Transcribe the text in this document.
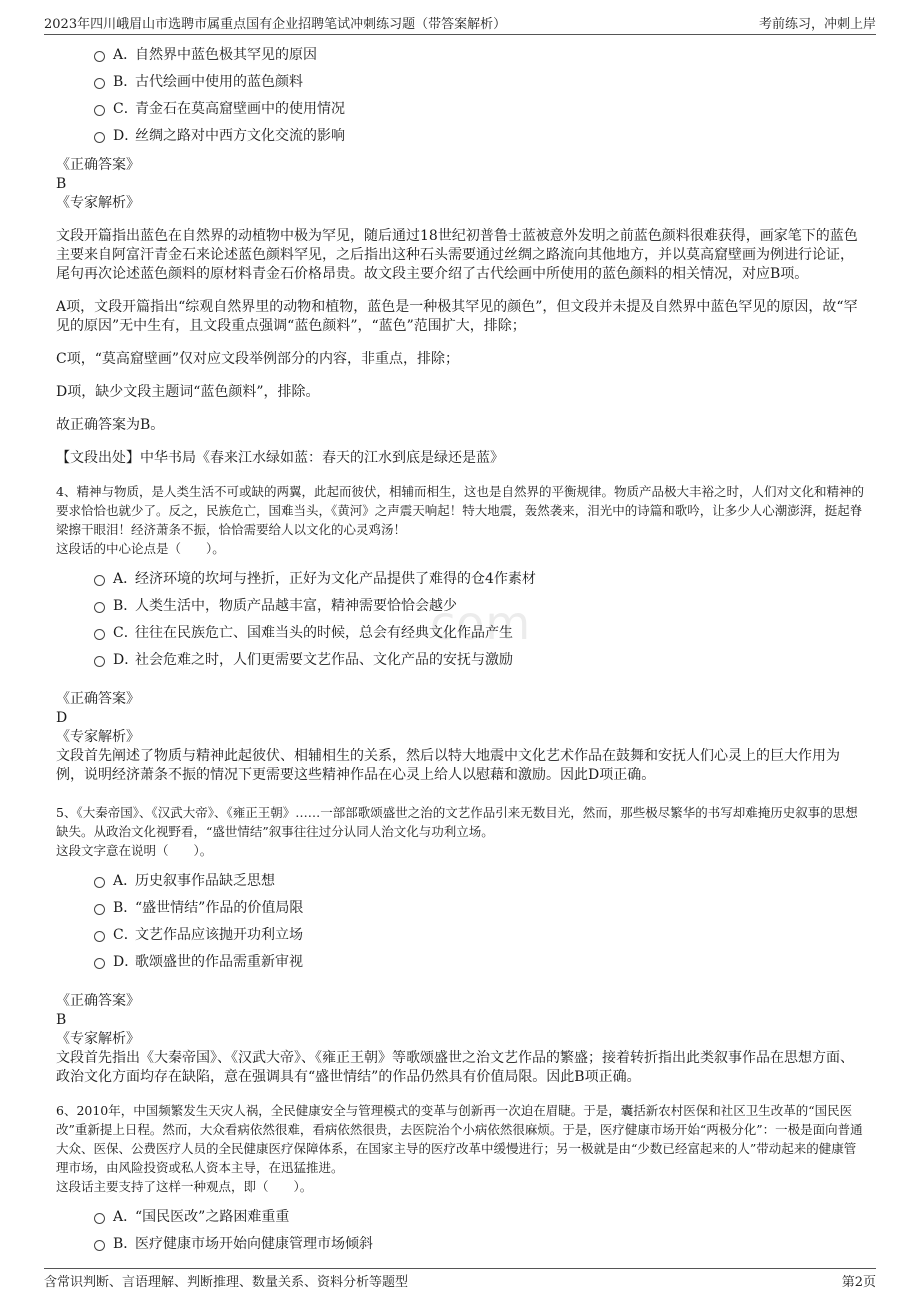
2023年四川峨眉山市选聘市属重点国有企业招聘笔试冲刺练习题（带答案解析）	考前练习，冲刺上岸
com
A．
自然界中蓝色极其罕见的原因
B．
古代绘画中使用的蓝色颜料
C．
青金石在莫高窟壁画中的使用情况
D．
丝绸之路对中西方文化交流的影响
《正确答案》
B
《专家解析》

文段开篇指出蓝色在自然界的动植物中极为罕见，随后通过18世纪初普鲁士蓝被意外发明之前蓝色颜料很难获得，画家笔下的蓝色主要来自阿富汗青金石来论述蓝色颜料罕见，之后指出这种石头需要通过丝绸之路流向其他地方，并以莫高窟壁画为例进行论证，尾句再次论述蓝色颜料的原材料青金石价格昂贵。故文段主要介绍了古代绘画中所使用的蓝色颜料的相关情况，对应B项。

A项，文段开篇指出“综观自然界里的动物和植物，蓝色是一种极其罕见的颜色”，但文段并未提及自然界中蓝色罕见的原因，故“罕见的原因”无中生有，且文段重点强调“蓝色颜料”，“蓝色”范围扩大，排除；

C项，“莫高窟壁画”仅对应文段举例部分的内容，非重点，排除；

D项，缺少文段主题词“蓝色颜料”，排除。

故正确答案为B。

【文段出处】中华书局《春来江水绿如蓝：春天的江水到底是绿还是蓝》

4、精神与物质，是人类生活不可或缺的两翼，此起而彼伏，相辅而相生，这也是自然界的平衡规律。物质产品极大丰裕之时，人们对文化和精神的要求恰恰也就少了。反之，民族危亡，国难当头，《黄河》之声震天响起！特大地震，轰然袭来，泪光中的诗篇和歌吟，让多少人心潮澎湃，挺起脊梁擦干眼泪！经济萧条不振，恰恰需要给人以文化的心灵鸡汤！

这段话的中心论点是（　　）。

A．
经济环境的坎坷与挫折，正好为文化产品提供了难得的仓4作素材
B．
人类生活中，物质产品越丰富，精神需要恰恰会越少
C．
往往在民族危亡、国难当头的时候，总会有经典文化作品产生
D．
社会危难之时，人们更需要文艺作品、文化产品的安抚与激励
《正确答案》
D
《专家解析》

文段首先阐述了物质与精神此起彼伏、相辅相生的关系，然后以特大地震中文化艺术作品在鼓舞和安抚人们心灵上的巨大作用为例，说明经济萧条不振的情况下更需要这些精神作品在心灵上给人以慰藉和激励。因此D项正确。

5、《大秦帝国》、《汉武大帝》、《雍正王朝》……一部部歌颂盛世之治的文艺作品引来无数目光，然而，那些极尽繁华的书写却难掩历史叙事的思想缺失。从政治文化视野看，“盛世情结”叙事往往过分认同人治文化与功利立场。

这段文字意在说明（　　）。

A．
历史叙事作品缺乏思想
B．
“盛世情结”作品的价值局限
C．
文艺作品应该抛开功利立场
D．
歌颂盛世的作品需重新审视
《正确答案》
B
《专家解析》

文段首先指出《大秦帝国》、《汉武大帝》、《雍正王朝》等歌颂盛世之治文艺作品的繁盛；接着转折指出此类叙事作品在思想方面、政治文化方面均存在缺陷，意在强调具有“盛世情结”的作品仍然具有价值局限。因此B项正确。

6、2010年，中国频繁发生天灾人祸，全民健康安全与管理模式的变革与创新再一次迫在眉睫。于是，囊括新农村医保和社区卫生改革的“国民医改”重新提上日程。然而，大众看病依然很难，看病依然很贵，去医院治个小病依然很麻烦。于是，医疗健康市场开始“两极分化”：一极是面向普通大众、医保、公费医疗人员的全民健康医疗保障体系，在国家主导的医疗改革中缓慢进行；另一极就是由“少数已经富起来的人”带动起来的健康管理市场，由风险投资或私人资本主导，在迅猛推进。

这段话主要支持了这样一种观点，即（　　）。

A．
“国民医改”之路困难重重
B．
医疗健康市场开始向健康管理市场倾斜
含常识判断、言语理解、判断推理、数量关系、资料分析等题型	第2页
